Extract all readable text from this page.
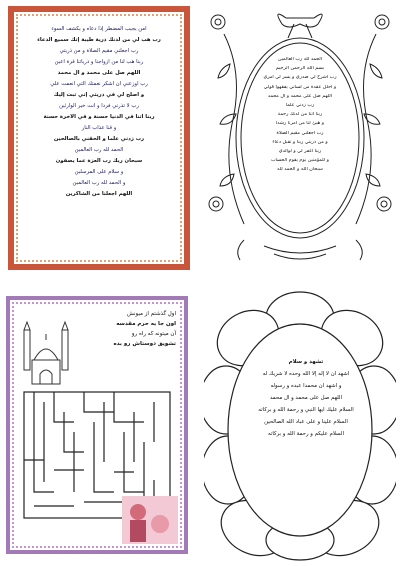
أمن يجيب المضطر إذا دعاه و يكشف السوء
رب هب لي من لدنك ذرية طيبة إنك سميع الدعاء
رب اجعلني مقيم الصلاة و من ذريتي
ربنا هب لنا من أزواجنا و ذرياتنا قرة أعين
اللهم صل على محمد و آل محمد
رب أوزعني أن أشكر نعمتك التي أنعمت علي
و أصلح لي في ذريتي إني تبت إليك
رب لا تذرني فردا و أنت خير الوارثين
ربنا آتنا في الدنيا حسنة و في الآخرة حسنة
و قنا عذاب النار
رب زدني علما و ألحقني بالصالحين
الحمد لله رب العالمين
سبحان ربك رب العزة عما يصفون
و سلام على المرسلين
و الحمد لله رب العالمين
اللهم اجعلنا من الشاكرين
الحمد لله رب العالمين
بسم الله الرحمن الرحيم
رب اشرح لي صدري و يسر لي أمري
و احلل عقدة من لساني يفقهوا قولي
اللهم صل على محمد و آل محمد
رب زدني علما
ربنا آتنا من لدنك رحمة
و هيئ لنا من أمرنا رشدا
رب اجعلني مقيم الصلاة
و من ذريتي ربنا و تقبل دعاء
ربنا اغفر لي و لوالدي
و للمؤمنين يوم يقوم الحساب
سبحان الله و الحمد لله
اولِ گذشتم از میونش
اون جا یه حرم مقدسه
آن میتونه که راه رو
تشویق دوستاش رو بده
تشهد و سلام
أشهد أن لا إله إلا الله وحده لا شريك له
و أشهد أن محمدا عبده و رسوله
اللهم صل على محمد و آل محمد
السلام عليك أيها النبي و رحمة الله و بركاته
السلام علينا و على عباد الله الصالحين
السلام عليكم و رحمة الله و بركاته
